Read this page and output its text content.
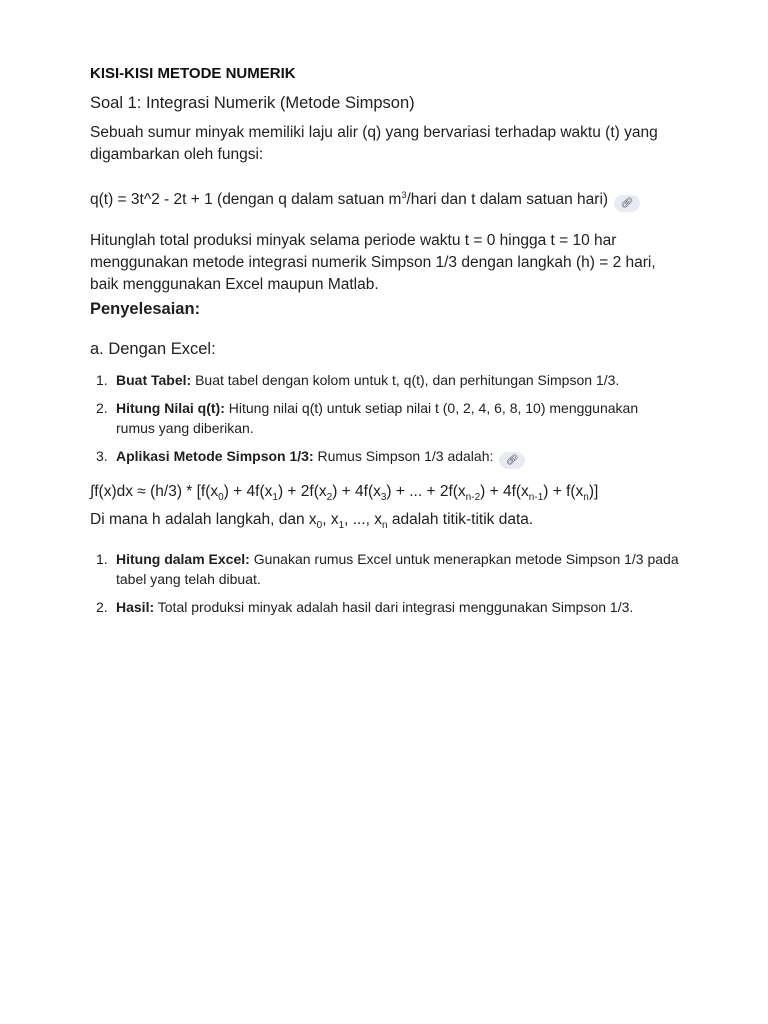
KISI-KISI METODE NUMERIK
Soal 1: Integrasi Numerik (Metode Simpson)

Sebuah sumur minyak memiliki laju alir (q) yang bervariasi terhadap waktu (t) yang digambarkan oleh fungsi:

q(t) = 3t^2 - 2t + 1 (dengan q dalam satuan $m^3$/hari dan t dalam satuan hari) 🔗︎

Hitunglah total produksi minyak selama periode waktu t = 0 hingga t = 10 har menggunakan metode integrasi numerik Simpson 1/3 dengan langkah (h) = 2 hari, baik menggunakan Excel maupun Matlab.

Penyelesaian:
a. Dengan Excel:
1. Buat Tabel: Buat tabel dengan kolom untuk t, q(t), dan perhitungan Simpson 1/3.
2. Hitung Nilai q(t): Hitung nilai q(t) untuk setiap nilai t (0, 2, 4, 6, 8, 10) menggunakan rumus yang diberikan.
3. Aplikasi Metode Simpson 1/3: Rumus Simpson 1/3 adalah: 🔗︎

$\int f(x)dx \approx (h/3) * [f(x_0) + 4f(x_1) + 2f(x_2) + 4f(x_3)$ + ... + $2f(x_{n-2}) + 4f(x_{n-1}) + f(x_n)$]

Di mana h adalah langkah, dan $x_0$, $x_1$, ..., $x_n$ adalah titik-titik data.

1. Hitung dalam Excel: Gunakan rumus Excel untuk menerapkan metode Simpson 1/3 pada tabel yang telah dibuat.
2. Hasil: Total produksi minyak adalah hasil dari integrasi menggunakan Simpson 1/3.
